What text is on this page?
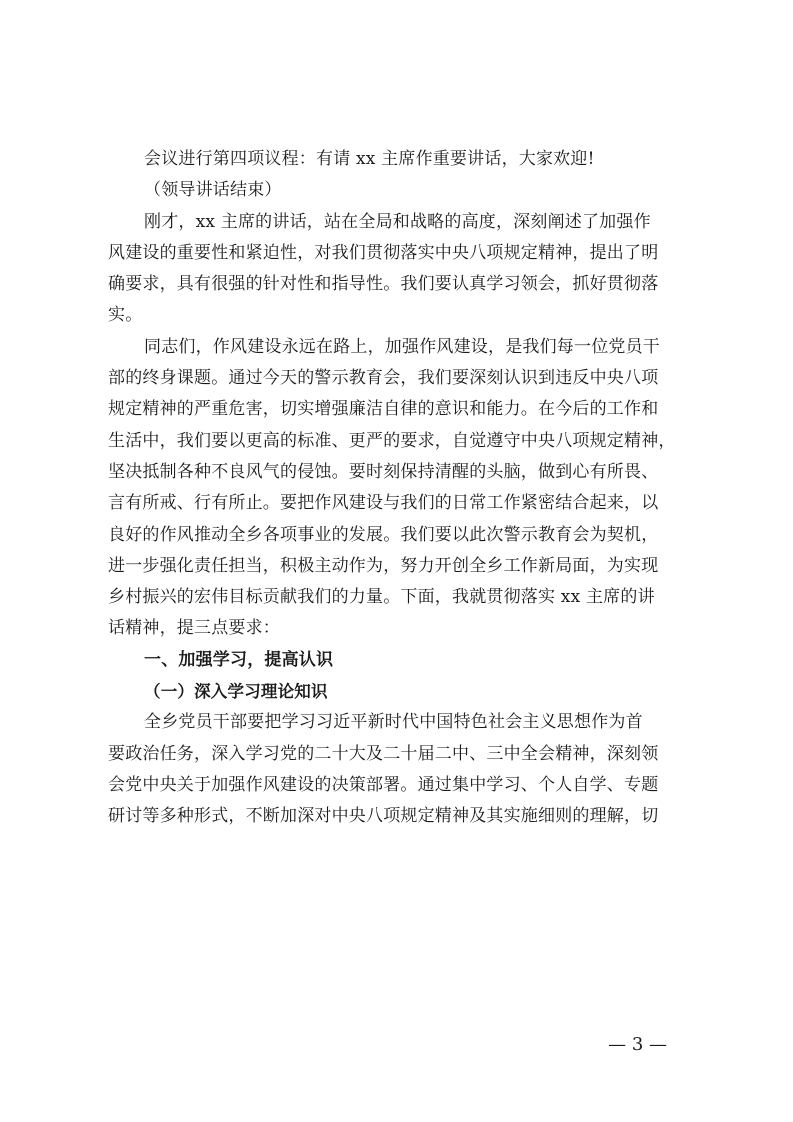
会议进行第四项议程：有请 xx 主席作重要讲话，大家欢迎!
（领导讲话结束）
刚才，xx 主席的讲话，站在全局和战略的高度，深刻阐述了加强作
风建设的重要性和紧迫性，对我们贯彻落实中央八项规定精神，提出了明
确要求，具有很强的针对性和指导性。我们要认真学习领会，抓好贯彻落
实。
同志们，作风建设永远在路上，加强作风建设，是我们每一位党员干
部的终身课题。通过今天的警示教育会，我们要深刻认识到违反中央八项
规定精神的严重危害，切实增强廉洁自律的意识和能力。在今后的工作和
生活中，我们要以更高的标准、更严的要求，自觉遵守中央八项规定精神，
坚决抵制各种不良风气的侵蚀。要时刻保持清醒的头脑，做到心有所畏、
言有所戒、行有所止。要把作风建设与我们的日常工作紧密结合起来，以
良好的作风推动全乡各项事业的发展。我们要以此次警示教育会为契机，
进一步强化责任担当，积极主动作为，努力开创全乡工作新局面，为实现
乡村振兴的宏伟目标贡献我们的力量。下面，我就贯彻落实 xx 主席的讲
话精神，提三点要求：
一、加强学习，提高认识
（一）深入学习理论知识
全乡党员干部要把学习习近平新时代中国特色社会主义思想作为首
要政治任务，深入学习党的二十大及二十届二中、三中全会精神，深刻领
会党中央关于加强作风建设的决策部署。通过集中学习、个人自学、专题
研讨等多种形式，不断加深对中央八项规定精神及其实施细则的理解，切
— 3 —
